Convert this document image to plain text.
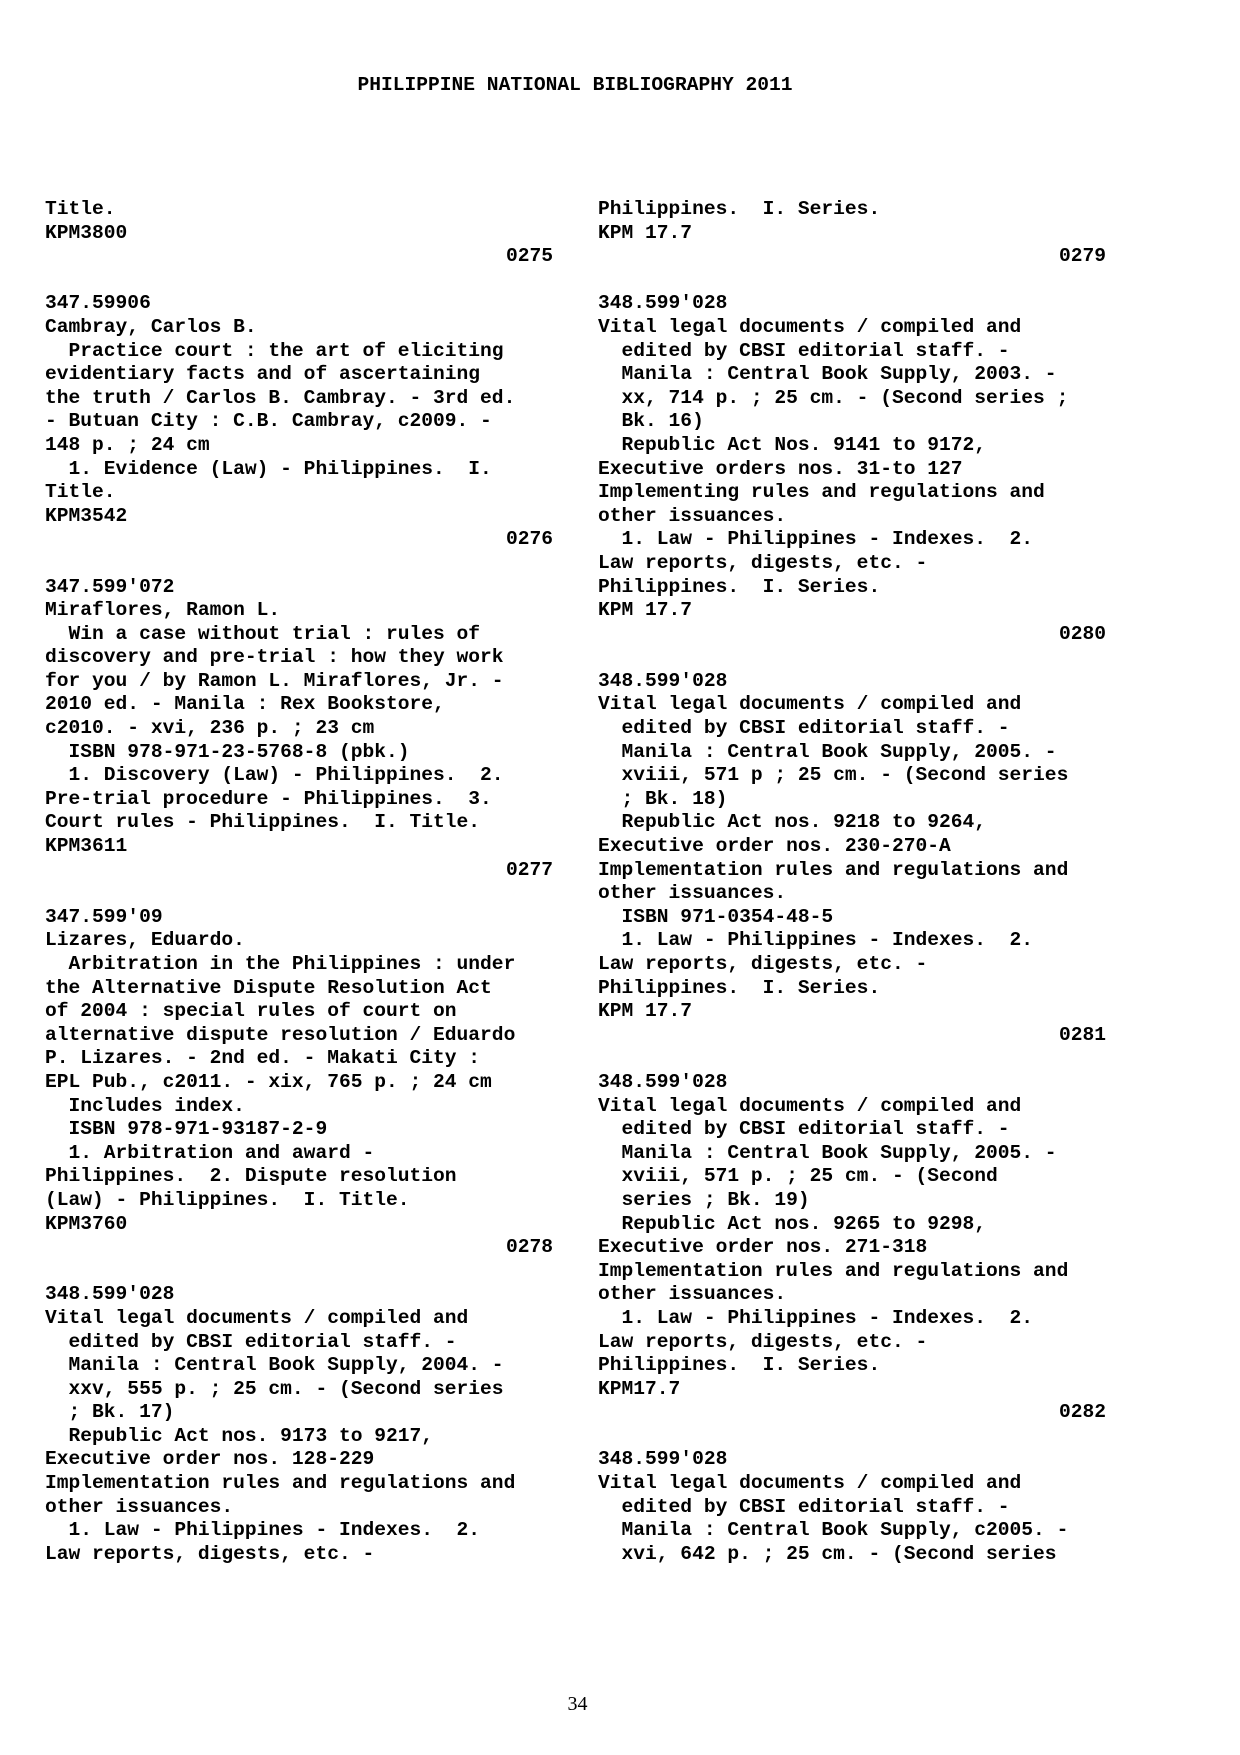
PHILIPPINE NATIONAL BIBLIOGRAPHY 2011
Title.
KPM3800
0275
347.59906
Cambray, Carlos B.
Practice court : the art of eliciting
evidentiary facts and of ascertaining
the truth / Carlos B. Cambray. - 3rd ed.
- Butuan City : C.B. Cambray, c2009. -
148 p. ; 24 cm
1. Evidence (Law) - Philippines.  I.
Title.
KPM3542
0276
347.599'072
Miraflores, Ramon L.
Win a case without trial : rules of
discovery and pre-trial : how they work
for you / by Ramon L. Miraflores, Jr. -
2010 ed. - Manila : Rex Bookstore,
c2010. - xvi, 236 p. ; 23 cm
ISBN 978-971-23-5768-8 (pbk.)
1. Discovery (Law) - Philippines.  2.
Pre-trial procedure - Philippines.  3.
Court rules - Philippines.  I. Title.
KPM3611
0277
347.599'09
Lizares, Eduardo.
Arbitration in the Philippines : under
the Alternative Dispute Resolution Act
of 2004 : special rules of court on
alternative dispute resolution / Eduardo
P. Lizares. - 2nd ed. - Makati City :
EPL Pub., c2011. - xix, 765 p. ; 24 cm
Includes index.
ISBN 978-971-93187-2-9
1. Arbitration and award -
Philippines.  2. Dispute resolution
(Law) - Philippines.  I. Title.
KPM3760
0278
348.599'028
Vital legal documents / compiled and
edited by CBSI editorial staff. -
Manila : Central Book Supply, 2004. -
xxv, 555 p. ; 25 cm. - (Second series
; Bk. 17)
Republic Act nos. 9173 to 9217,
Executive order nos. 128-229
Implementation rules and regulations and
other issuances.
1. Law - Philippines - Indexes.  2.
Law reports, digests, etc. -
Philippines.  I. Series.
KPM 17.7
0279
348.599'028
Vital legal documents / compiled and
edited by CBSI editorial staff. -
Manila : Central Book Supply, 2003. -
xx, 714 p. ; 25 cm. - (Second series ;
Bk. 16)
Republic Act Nos. 9141 to 9172,
Executive orders nos. 31-to 127
Implementing rules and regulations and
other issuances.
1. Law - Philippines - Indexes.  2.
Law reports, digests, etc. -
Philippines.  I. Series.
KPM 17.7
0280
348.599'028
Vital legal documents / compiled and
edited by CBSI editorial staff. -
Manila : Central Book Supply, 2005. -
xviii, 571 p ; 25 cm. - (Second series
; Bk. 18)
Republic Act nos. 9218 to 9264,
Executive order nos. 230-270-A
Implementation rules and regulations and
other issuances.
ISBN 971-0354-48-5
1. Law - Philippines - Indexes.  2.
Law reports, digests, etc. -
Philippines.  I. Series.
KPM 17.7
0281
348.599'028
Vital legal documents / compiled and
edited by CBSI editorial staff. -
Manila : Central Book Supply, 2005. -
xviii, 571 p. ; 25 cm. - (Second
series ; Bk. 19)
Republic Act nos. 9265 to 9298,
Executive order nos. 271-318
Implementation rules and regulations and
other issuances.
1. Law - Philippines - Indexes.  2.
Law reports, digests, etc. -
Philippines.  I. Series.
KPM17.7
0282
348.599'028
Vital legal documents / compiled and
edited by CBSI editorial staff. -
Manila : Central Book Supply, c2005. -
xvi, 642 p. ; 25 cm. - (Second series
34
